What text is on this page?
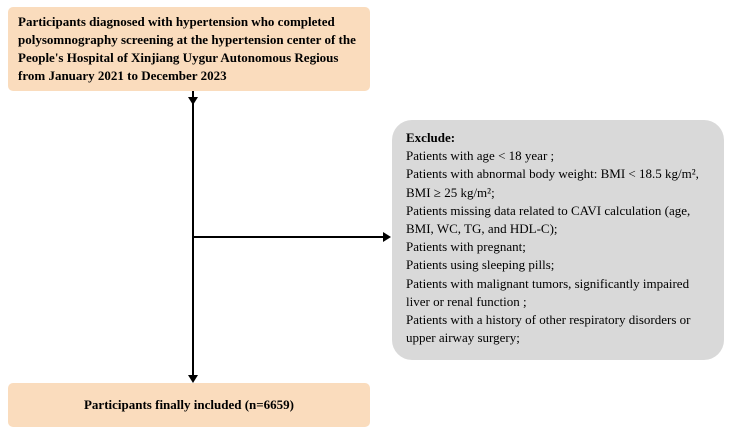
Participants diagnosed with hypertension who completed polysomnography screening at the hypertension center of the People's Hospital of Xinjiang Uygur Autonomous Regious from January 2021 to December 2023
Exclude:
Patients with age < 18 year ;
Patients with abnormal body weight: BMI < 18.5 kg/m², BMI ≥ 25 kg/m²;
Patients missing data related to CAVI calculation (age, BMI, WC, TG, and HDL-C);
Patients with pregnant;
Patients using sleeping pills;
Patients with malignant tumors, significantly impaired liver or renal function ;
Patients with a history of other respiratory disorders or upper airway surgery;
Participants finally included (n=6659)
